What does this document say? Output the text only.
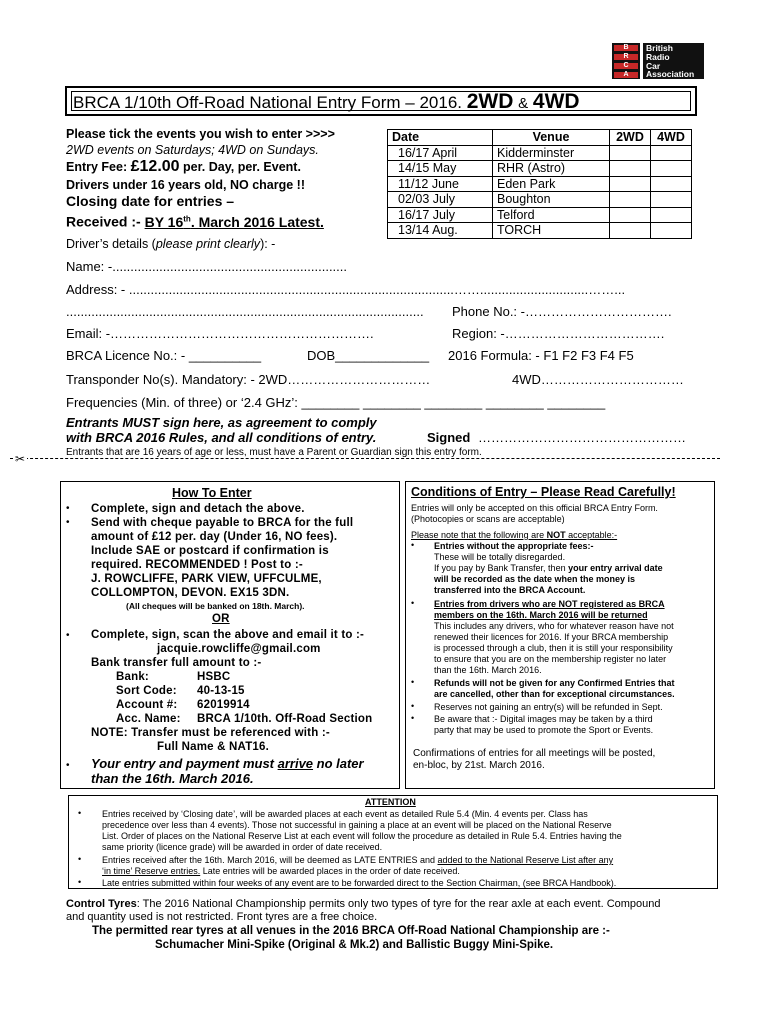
B
R
C
A
British
Radio
Car
Association
BRCA 1/10th Off-Road National Entry Form – 2016. 2WD & 4WD
Please tick the events you wish to enter >>>>
2WD events on Saturdays; 4WD on Sundays.
Entry Fee: £12.00 per. Day, per. Event.
Drivers under 16 years old, NO charge !!
Closing date for entries –
Received :- BY 16th. March 2016 Latest.
Driver’s details (please print clearly): -
Date	Venue	2WD	4WD
16/17 April	Kidderminster		
14/15 May	RHR (Astro)		
11/12 June	Eden Park		
02/03 July	Boughton		
16/17 July	Telford		
13/14 Aug.	TORCH		
Name: -.................................................................
Address: - ..........................................................................................……..............................……...
................................................................................................... Phone No.: -…………………………….
Email: -…………………………………………………….	Region: -……………………………….
BRCA Licence No.: - __________	DOB_____________ 2016 Formula: - F1 F2 F3 F4 F5
Transponder No(s). Mandatory: - 2WD……………………………	4WD……………………………
Frequencies (Min. of three) or ‘2.4 GHz’: ________ ________ ________ ________ ________
Entrants MUST sign here, as agreement to comply
with BRCA 2016 Rules, and all conditions of entry.	Signed …………………………………………
Entrants that are 16 years of age or less, must have a Parent or Guardian sign this entry form.
✂
How To Enter
•
•
•
•
Complete, sign and detach the above.
Send with cheque payable to BRCA for the full
amount of £12 per. day (Under 16, NO fees).
Include SAE or postcard if confirmation is
required. RECOMMENDED ! Post to :-
J. ROWCLIFFE, PARK VIEW, UFFCULME,
COLLOMPTON, DEVON. EX15 3DN.
(All cheques will be banked on 18th. March).
OR
Complete, sign, scan the above and email it to :-
jacquie.rowcliffe@gmail.com
Bank transfer full amount to :-
Bank:	HSBC
Sort Code: 40-13-15
Account #: 62019914
Acc. Name: BRCA 1/10th. Off-Road Section
NOTE: Transfer must be referenced with :-
Full Name & NAT16.
Your entry and payment must arrive no later
than the 16th. March 2016.
Conditions of Entry – Please Read Carefully!
Entries will only be accepted on this official BRCA Entry Form.
(Photocopies or scans are acceptable)
Please note that the following are NOT acceptable:-
• Entries without the appropriate fees:-
These will be totally disregarded.
If you pay by Bank Transfer, then your entry arrival date
will be recorded as the date when the money is
transferred into the BRCA Account.
• Entries from drivers who are NOT registered as BRCA
members on the 16th. March 2016 will be returned
This includes any drivers, who for whatever reason have not
renewed their licences for 2016. If your BRCA membership
is processed through a club, then it is still your responsibility
to ensure that you are on the membership register no later
than the 16th. March 2016.
• Refunds will not be given for any Confirmed Entries that
are cancelled, other than for exceptional circumstances.
• Reserves not gaining an entry(s) will be refunded in Sept.
• Be aware that :- Digital images may be taken by a third
party that may be used to promote the Sport or Events.
Confirmations of entries for all meetings will be posted,
en-bloc, by 21st. March 2016.
ATTENTION
• Entries received by ‘Closing date’, will be awarded places at each event as detailed Rule 5.4 (Min. 4 events per. Class has
precedence over less than 4 events). Those not successful in gaining a place at an event will be placed on the National Reserve
List. Order of places on the National Reserve List at each event will follow the procedure as detailed in Rule 5.4. Entries having the
same priority (licence grade) will be awarded in order of date received.
• Entries received after the 16th. March 2016, will be deemed as LATE ENTRIES and added to the National Reserve List after any
‘in time’ Reserve entries. Late entries will be awarded places in the order of date received.
• Late entries submitted within four weeks of any event are to be forwarded direct to the Section Chairman, (see BRCA Handbook).
Control Tyres: The 2016 National Championship permits only two types of tyre for the rear axle at each event. Compound
and quantity used is not restricted. Front tyres are a free choice.
The permitted rear tyres at all venues in the 2016 BRCA Off-Road National Championship are :-
Schumacher Mini-Spike (Original & Mk.2) and Ballistic Buggy Mini-Spike.
